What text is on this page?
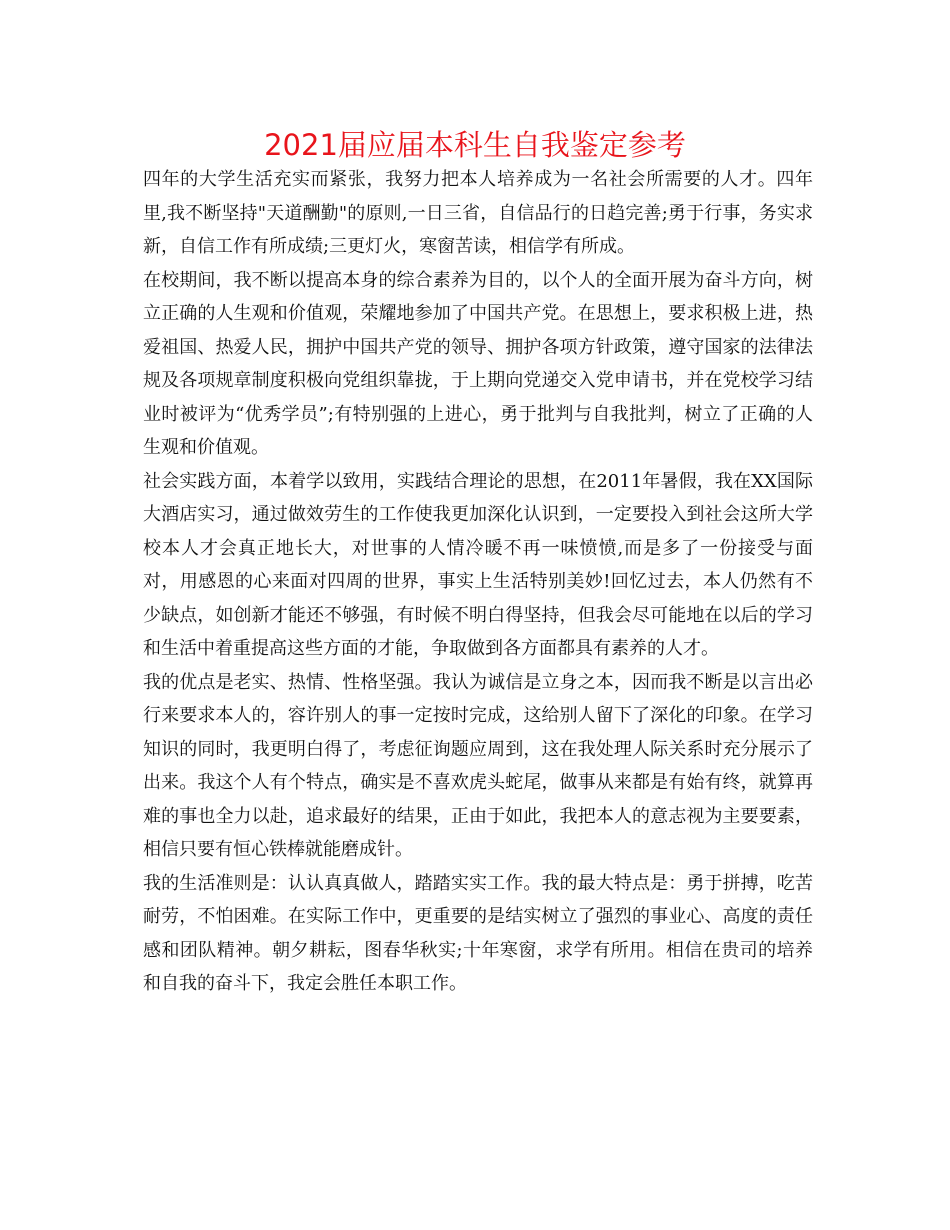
2021届应届本科生自我鉴定参考

四年的大学生活充实而紧张，我努力把本人培养成为一名社会所需要的人才。四年里,我不断坚持"天道酬勤"的原则,一日三省，自信品行的日趋完善;勇于行事，务实求新，自信工作有所成绩;三更灯火，寒窗苦读，相信学有所成。

在校期间，我不断以提高本身的综合素养为目的，以个人的全面开展为奋斗方向，树立正确的人生观和价值观，荣耀地参加了中国共产党。在思想上，要求积极上进，热爱祖国、热爱人民，拥护中国共产党的领导、拥护各项方针政策，遵守国家的法律法规及各项规章制度积极向党组织靠拢，于上期向党递交入党申请书，并在党校学习结业时被评为“优秀学员”;有特别强的上进心，勇于批判与自我批判，树立了正确的人生观和价值观。

社会实践方面，本着学以致用，实践结合理论的思想，在2011年暑假，我在XX国际大酒店实习，通过做效劳生的工作使我更加深化认识到，一定要投入到社会这所大学校本人才会真正地长大，对世事的人情冷暖不再一味愤愤,而是多了一份接受与面对，用感恩的心来面对四周的世界，事实上生活特别美妙!回忆过去，本人仍然有不少缺点，如创新才能还不够强，有时候不明白得坚持，但我会尽可能地在以后的学习和生活中着重提高这些方面的才能，争取做到各方面都具有素养的人才。

我的优点是老实、热情、性格坚强。我认为诚信是立身之本，因而我不断是以言出必行来要求本人的，容许别人的事一定按时完成，这给别人留下了深化的印象。在学习知识的同时，我更明白得了，考虑征询题应周到，这在我处理人际关系时充分展示了出来。我这个人有个特点，确实是不喜欢虎头蛇尾，做事从来都是有始有终，就算再难的事也全力以赴，追求最好的结果，正由于如此，我把本人的意志视为主要要素，相信只要有恒心铁棒就能磨成针。

我的生活准则是：认认真真做人，踏踏实实工作。我的最大特点是：勇于拼搏，吃苦耐劳，不怕困难。在实际工作中，更重要的是结实树立了强烈的事业心、高度的责任感和团队精神。朝夕耕耘，图春华秋实;十年寒窗，求学有所用。相信在贵司的培养和自我的奋斗下，我定会胜任本职工作。
